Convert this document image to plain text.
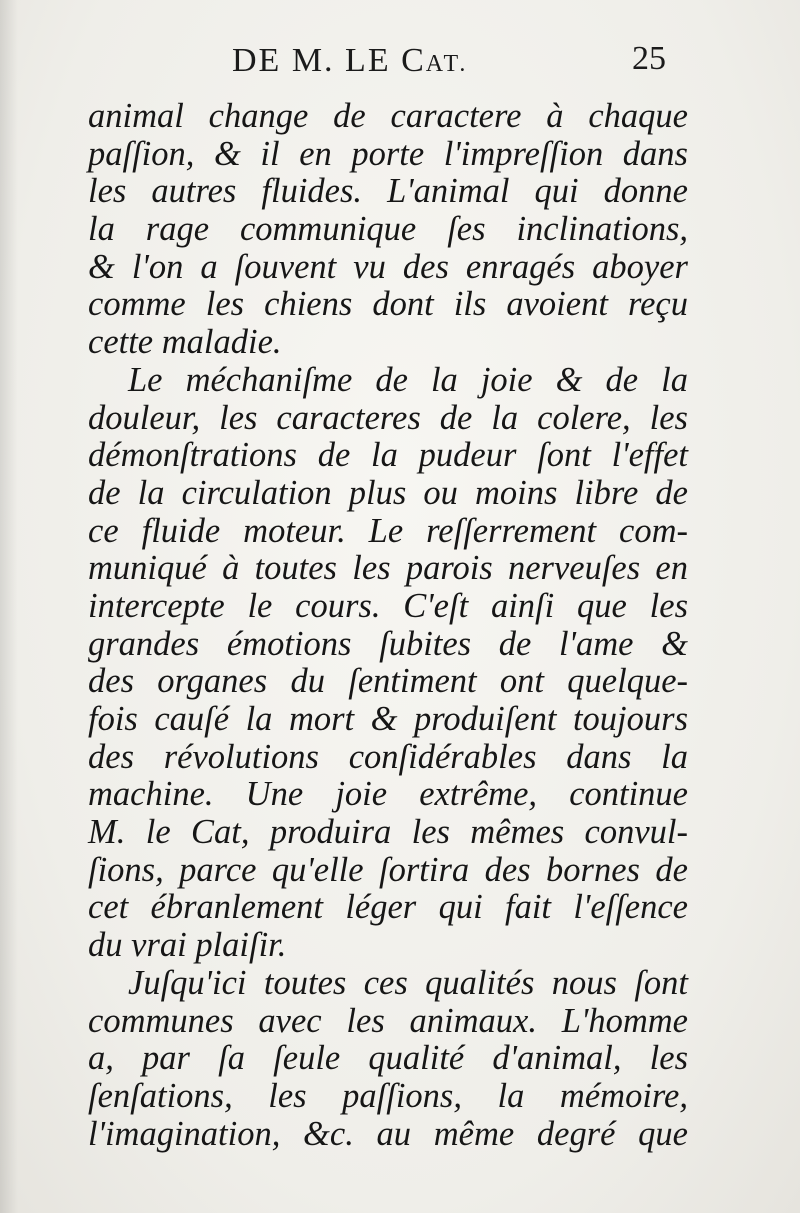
DE M. LE CAT.	25
animal change de caractere à chaque
paſſion, & il en porte l'impreſſion dans
les autres fluides. L'animal qui donne
la rage communique ſes inclinations,
& l'on a ſouvent vu des enragés aboyer
comme les chiens dont ils avoient reçu
cette maladie.
Le méchaniſme de la joie & de la
douleur, les caracteres de la colere, les
démonſtrations de la pudeur ſont l'effet
de la circulation plus ou moins libre de
ce fluide moteur. Le reſſerrement com-
muniqué à toutes les parois nerveuſes en
intercepte le cours. C'eſt ainſi que les
grandes émotions ſubites de l'ame &
des organes du ſentiment ont quelque-
fois cauſé la mort & produiſent toujours
des révolutions conſidérables dans la
machine. Une joie extrême, continue
M. le Cat, produira les mêmes convul-
ſions, parce qu'elle ſortira des bornes de
cet ébranlement léger qui fait l'eſſence
du vrai plaiſir.
Juſqu'ici toutes ces qualités nous ſont
communes avec les animaux. L'homme
a, par ſa ſeule qualité d'animal, les
ſenſations, les paſſions, la mémoire,
l'imagination, &c. au même degré que
